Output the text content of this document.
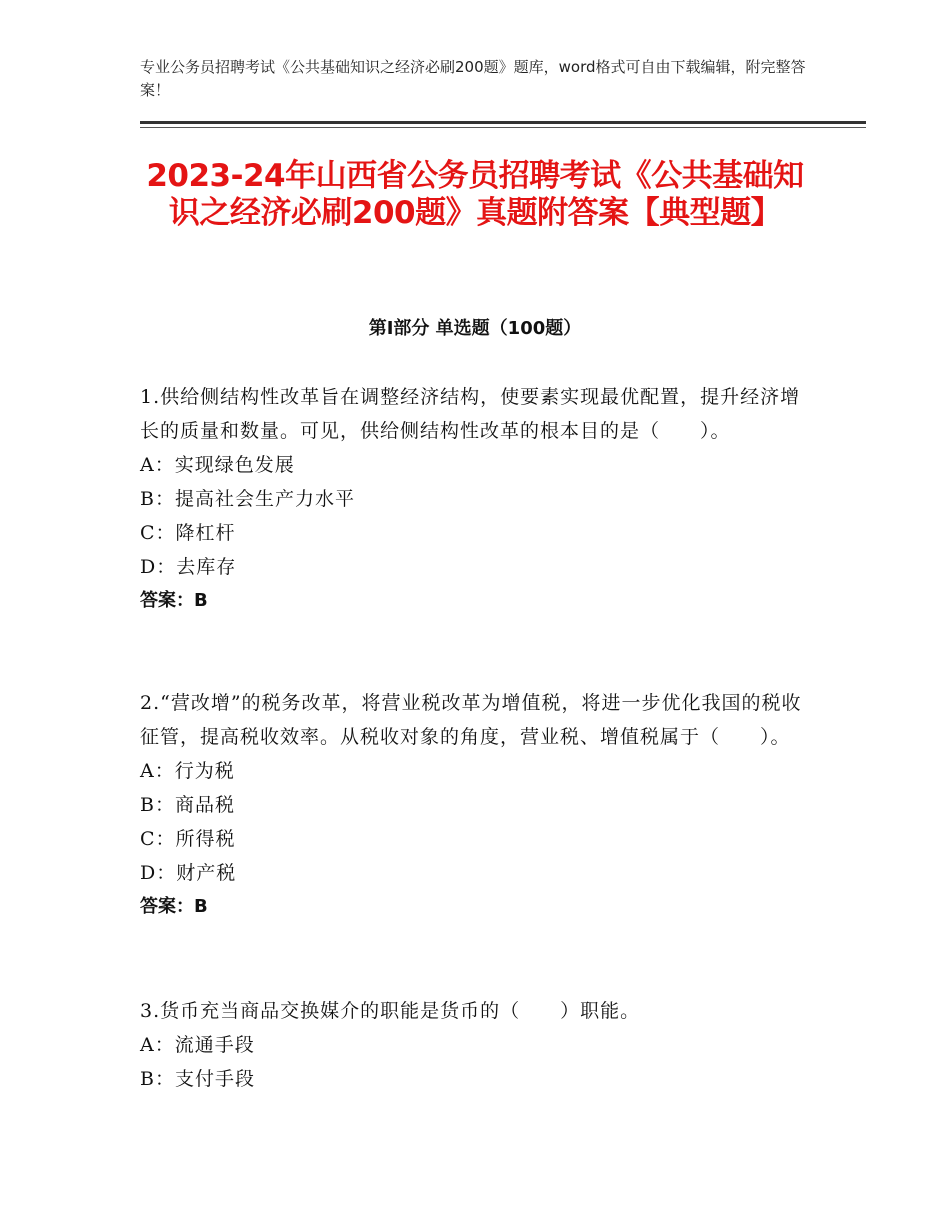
专业公务员招聘考试《公共基础知识之经济必刷200题》题库，word格式可自由下载编辑，附完整答案！
2023-24年山西省公务员招聘考试《公共基础知识之经济必刷200题》真题附答案【典型题】
第Ⅰ部分 单选题（100题）

1.供给侧结构性改革旨在调整经济结构，使要素实现最优配置，提升经济增长的质量和数量。可见，供给侧结构性改革的根本目的是（　　）。

A：实现绿色发展

B：提高社会生产力水平

C：降杠杆

D：去库存

答案：B

2.“营改增”的税务改革，将营业税改革为增值税，将进一步优化我国的税收征管，提高税收效率。从税收对象的角度，营业税、增值税属于（　　）。

A：行为税

B：商品税

C：所得税

D：财产税

答案：B

3.货币充当商品交换媒介的职能是货币的（　　）职能。

A：流通手段

B：支付手段
